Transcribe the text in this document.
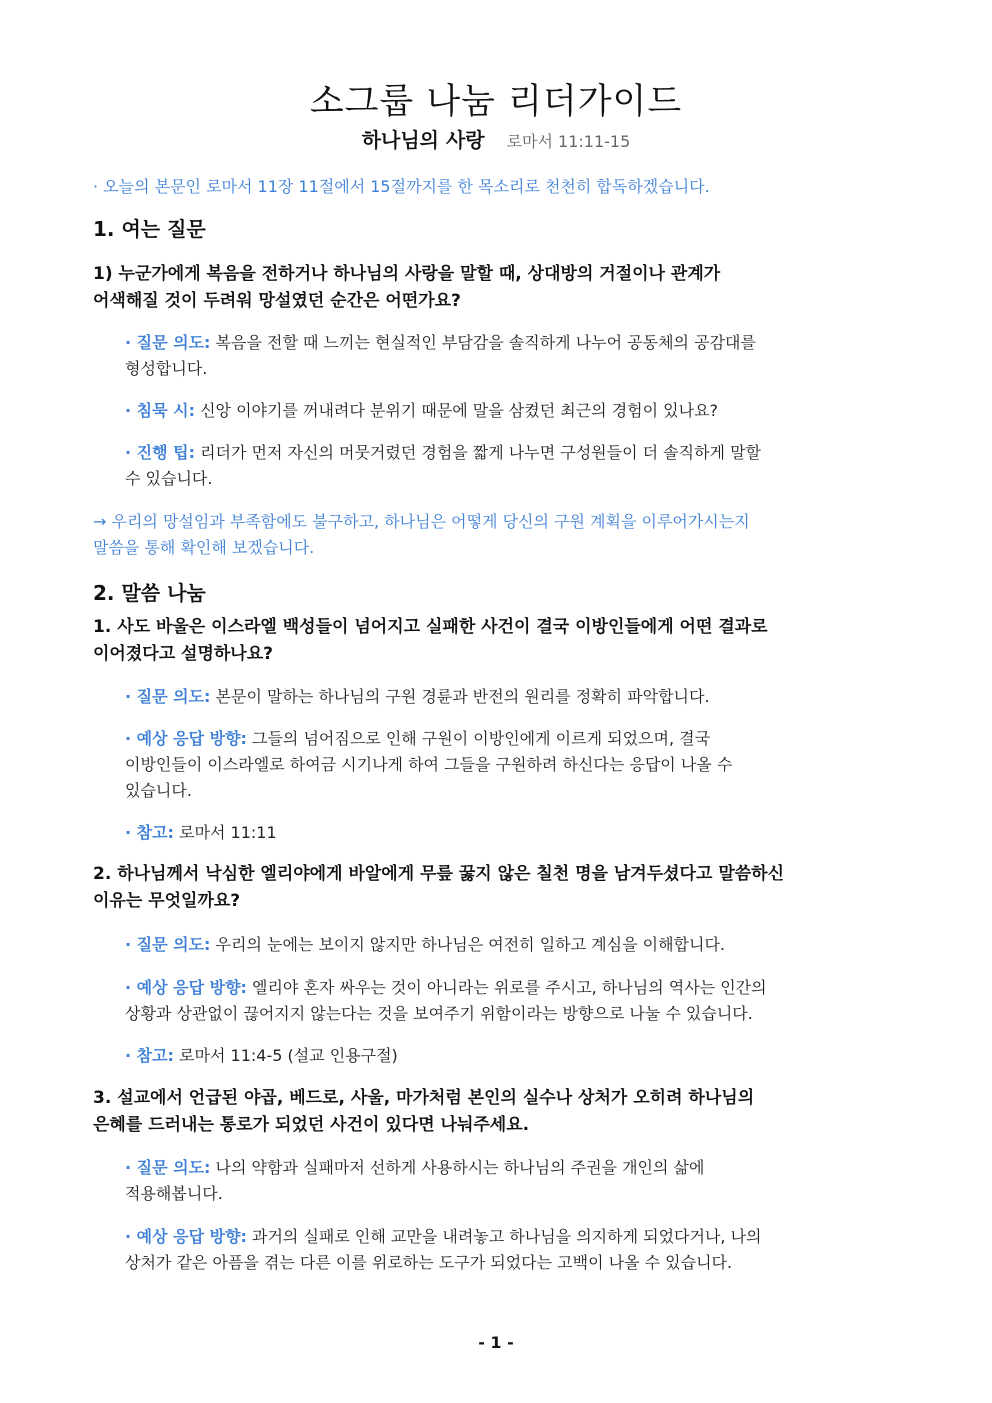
소그룹 나눔 리더가이드
하나님의 사랑 로마서 11:11-15
· 오늘의 본문인 로마서 11장 11절에서 15절까지를 한 목소리로 천천히 합독하겠습니다.
1. 여는 질문
1) 누군가에게 복음을 전하거나 하나님의 사랑을 말할 때, 상대방의 거절이나 관계가
어색해질 것이 두려워 망설였던 순간은 어떤가요?
· 질문 의도: 복음을 전할 때 느끼는 현실적인 부담감을 솔직하게 나누어 공동체의 공감대를
형성합니다.
· 침묵 시: 신앙 이야기를 꺼내려다 분위기 때문에 말을 삼켰던 최근의 경험이 있나요?
· 진행 팁: 리더가 먼저 자신의 머뭇거렸던 경험을 짧게 나누면 구성원들이 더 솔직하게 말할
수 있습니다.
→ 우리의 망설임과 부족함에도 불구하고, 하나님은 어떻게 당신의 구원 계획을 이루어가시는지
말씀을 통해 확인해 보겠습니다.
2. 말씀 나눔
1. 사도 바울은 이스라엘 백성들이 넘어지고 실패한 사건이 결국 이방인들에게 어떤 결과로
이어졌다고 설명하나요?
· 질문 의도: 본문이 말하는 하나님의 구원 경륜과 반전의 원리를 정확히 파악합니다.
· 예상 응답 방향: 그들의 넘어짐으로 인해 구원이 이방인에게 이르게 되었으며, 결국
이방인들이 이스라엘로 하여금 시기나게 하여 그들을 구원하려 하신다는 응답이 나올 수
있습니다.
· 참고: 로마서 11:11
2. 하나님께서 낙심한 엘리야에게 바알에게 무릎 꿇지 않은 칠천 명을 남겨두셨다고 말씀하신
이유는 무엇일까요?
· 질문 의도: 우리의 눈에는 보이지 않지만 하나님은 여전히 일하고 계심을 이해합니다.
· 예상 응답 방향: 엘리야 혼자 싸우는 것이 아니라는 위로를 주시고, 하나님의 역사는 인간의
상황과 상관없이 끊어지지 않는다는 것을 보여주기 위함이라는 방향으로 나눌 수 있습니다.
· 참고: 로마서 11:4-5 (설교 인용구절)
3. 설교에서 언급된 야곱, 베드로, 사울, 마가처럼 본인의 실수나 상처가 오히려 하나님의
은혜를 드러내는 통로가 되었던 사건이 있다면 나눠주세요.
· 질문 의도: 나의 약함과 실패마저 선하게 사용하시는 하나님의 주권을 개인의 삶에
적용해봅니다.
· 예상 응답 방향: 과거의 실패로 인해 교만을 내려놓고 하나님을 의지하게 되었다거나, 나의
상처가 같은 아픔을 겪는 다른 이를 위로하는 도구가 되었다는 고백이 나올 수 있습니다.
- 1 -
